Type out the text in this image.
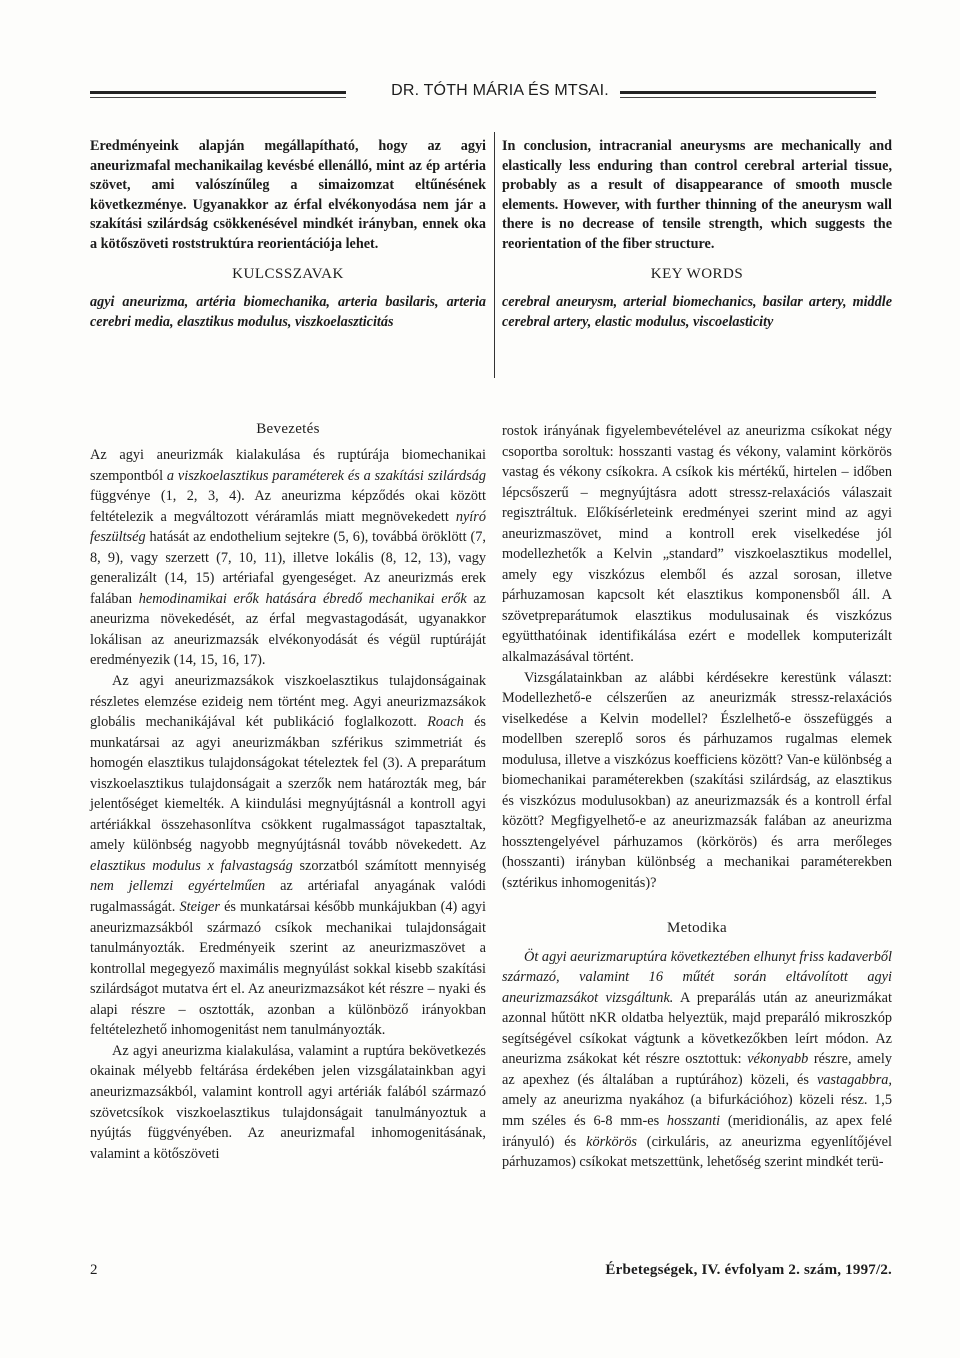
DR. TÓTH MÁRIA ÉS MTSAI.

Eredményeink alapján megállapítható, hogy az agyi aneurizmafal mechanikailag kevésbé ellenálló, mint az ép artéria szövet, ami valószínűleg a simaizomzat eltűnésének következménye. Ugyanakkor az érfal elvékonyodása nem jár a szakítási szilárdság csökkenésével mindkét irányban, ennek oka a kötőszöveti roststruktúra reorientációja lehet.

KULCSSZAVAK

agyi aneurizma, artéria biomechanika, arteria basilaris, arteria cerebri media, elasztikus modulus, viszkoelaszticitás

In conclusion, intracranial aneurysms are mechanically and elastically less enduring than control cerebral arterial tissue, probably as a result of disappearance of smooth muscle elements. However, with further thinning of the aneurysm wall there is no decrease of tensile strength, which suggests the reorientation of the fiber structure.

KEY WORDS

cerebral aneurysm, arterial biomechanics, basilar artery, middle cerebral artery, elastic modulus, viscoelasticity

Bevezetés

Az agyi aneurizmák kialakulása és ruptúrája biomechanikai szempontból a viszkoelasztikus paraméterek és a szakítási szilárdság függvénye (1, 2, 3, 4). Az aneurizma képződés okai között feltételezik a megváltozott véráramlás miatt megnövekedett nyíró feszültség hatását az endothelium sejtekre (5, 6), továbbá öröklött (7, 8, 9), vagy szerzett (7, 10, 11), illetve lokális (8, 12, 13), vagy generalizált (14, 15) artériafal gyengeséget. Az aneurizmás erek falában hemodinamikai erők hatására ébredő mechanikai erők az aneurizma növekedését, az érfal megvastagodását, ugyanakkor lokálisan az aneurizmazsák elvékonyodását és végül ruptúráját eredményezik (14, 15, 16, 17).

Az agyi aneurizmazsákok viszkoelasztikus tulajdonságainak részletes elemzése ezideig nem történt meg. Agyi aneurizmazsákok globális mechanikájával két publikáció foglalkozott. Roach és munkatársai az agyi aneurizmákban szférikus szimmetriát és homogén elasztikus tulajdonságokat tételeztek fel (3). A preparátum viszkoelasztikus tulajdonságait a szerzők nem határozták meg, bár jelentőséget kiemelték. A kiindulási megnyújtásnál a kontroll agyi artériákkal összehasonlítva csökkent rugalmasságot tapasztaltak, amely különbség nagyobb megnyújtásnál tovább növekedett. Az elasztikus modulus x falvastagság szorzatból számított mennyiség nem jellemzi egyértelműen az artériafal anyagának valódi rugalmasságát. Steiger és munkatársai később munkájukban (4) agyi aneurizmazsákból származó csíkok mechanikai tulajdonságait tanulmányozták. Eredményeik szerint az aneurizmaszövet a kontrollal megegyező maximális megnyúlást sokkal kisebb szakítási szilárdságot mutatva ért el. Az aneurizmazsákot két részre – nyaki és alapi részre – osztották, azonban a különböző irányokban feltételezhető inhomogenitást nem tanulmányozták.

Az agyi aneurizma kialakulása, valamint a ruptúra bekövetkezés okainak mélyebb feltárása érdekében jelen vizsgálatainkban agyi aneurizmazsákból, valamint kontroll agyi artériák falából származó szövetcsíkok viszkoelasztikus tulajdonságait tanulmányoztuk a nyújtás függvényében. Az aneurizmafal inhomogenitásának, valamint a kötőszöveti

rostok irányának figyelembevételével az aneurizma csíkokat négy csoportba soroltuk: hosszanti vastag és vékony, valamint körkörös vastag és vékony csíkokra. A csíkok kis mértékű, hirtelen – időben lépcsőszerű – megnyújtásra adott stressz-relaxációs válaszait regisztráltuk. Előkísérleteink eredményei szerint mind az agyi aneurizmaszövet, mind a kontroll erek viselkedése jól modellezhetők a Kelvin „standard” viszkoelasztikus modellel, amely egy viszkózus elemből és azzal sorosan, illetve párhuzamosan kapcsolt két elasztikus komponensből áll. A szövetpreparátumok elasztikus modulusainak és viszkózus együtthatóinak identifikálása ezért e modellek komputerizált alkalmazásával történt.

Vizsgálatainkban az alábbi kérdésekre kerestünk választ: Modellezhető-e célszerűen az aneurizmák stressz-relaxációs viselkedése a Kelvin modellel? Észlelhető-e összefüggés a modellben szereplő soros és párhuzamos rugalmas elemek modulusa, illetve a viszkózus koefficiens között? Van-e különbség a biomechanikai paraméterekben (szakítási szilárdság, az elasztikus és viszkózus modulusokban) az aneurizmazsák és a kontroll érfal között? Megfigyelhető-e az aneurizmazsák falában az aneurizma hossztengelyével párhuzamos (körkörös) és arra merőleges (hosszanti) irányban különbség a mechanikai paraméterekben (sztérikus inhomogenitás)?

Metodika

Öt agyi aeurizmaruptúra következtében elhunyt friss kadaverből származó, valamint 16 műtét során eltávolított agyi aneurizmazsákot vizsgáltunk. A preparálás után az aneurizmákat azonnal hűtött nKR oldatba helyeztük, majd preparáló mikroszkóp segítségével csíkokat vágtunk a következőkben leírt módon. Az aneurizma zsákokat két részre osztottuk: vékonyabb részre, amely az apexhez (és általában a ruptúrához) közeli, és vastagabbra, amely az aneurizma nyakához (a bifurkációhoz) közeli rész. 1,5 mm széles és 6-8 mm-es hosszanti (meridionális, az apex felé irányuló) és körkörös (cirkuláris, az aneurizma egyenlítőjével párhuzamos) csíkokat metszettünk, lehetőség szerint mindkét terü-

2	Érbetegségek, IV. évfolyam 2. szám, 1997/2.
